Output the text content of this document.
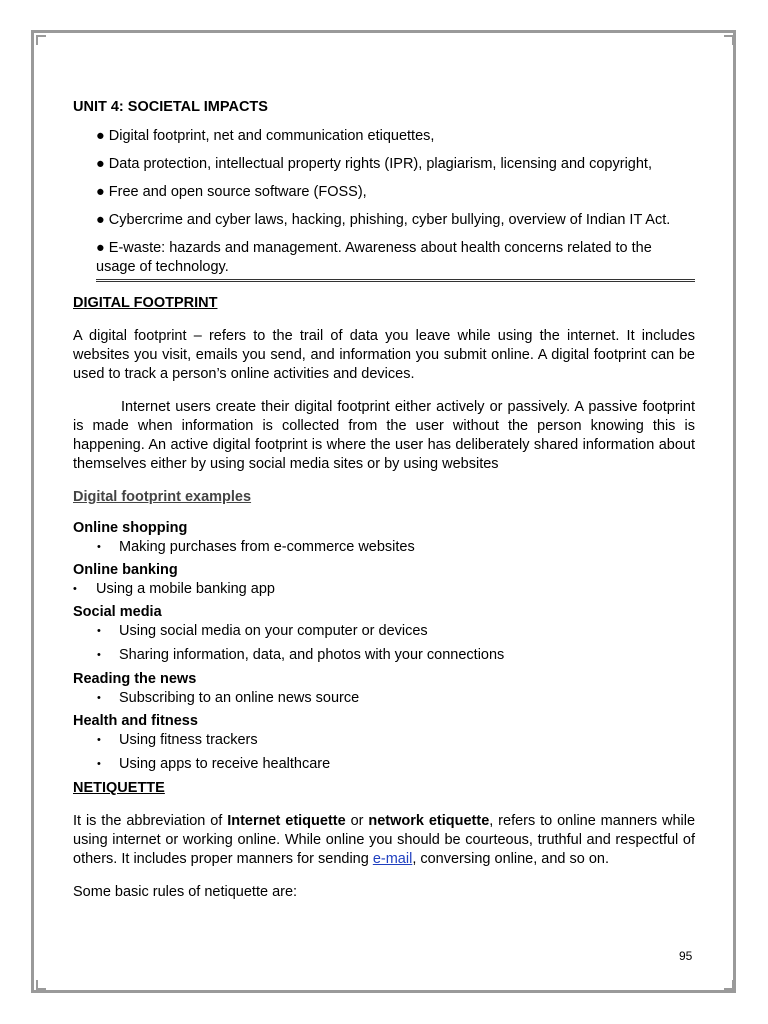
UNIT 4: SOCIETAL IMPACTS
● Digital footprint, net and communication etiquettes,
● Data protection, intellectual property rights (IPR), plagiarism, licensing and copyright,
● Free and open source software (FOSS),
● Cybercrime and cyber laws, hacking, phishing, cyber bullying, overview of Indian IT Act.
● E-waste: hazards and management. Awareness about health concerns related to the usage of technology.
DIGITAL FOOTPRINT

A digital footprint – refers to the trail of data you leave while using the internet. It includes websites you visit, emails you send, and information you submit online. A digital footprint can be used to track a person’s online activities and devices.

Internet users create their digital footprint either actively or passively. A passive footprint is made when information is collected from the user without the person knowing this is happening. An active digital footprint is where the user has deliberately shared information about themselves either by using social media sites or by using websites

Digital footprint examples
Online shopping
• Making purchases from e-commerce websites
Online banking
• Using a mobile banking app
Social media
• Using social media on your computer or devices
• Sharing information, data, and photos with your connections
Reading the news
• Subscribing to an online news source
Health and fitness
• Using fitness trackers
• Using apps to receive healthcare
NETIQUETTE

It is the abbreviation of Internet etiquette or network etiquette, refers to online manners while using internet or working online. While online you should be courteous, truthful and respectful of others. It includes proper manners for sending e-mail, conversing online, and so on.

Some basic rules of netiquette are:

95
